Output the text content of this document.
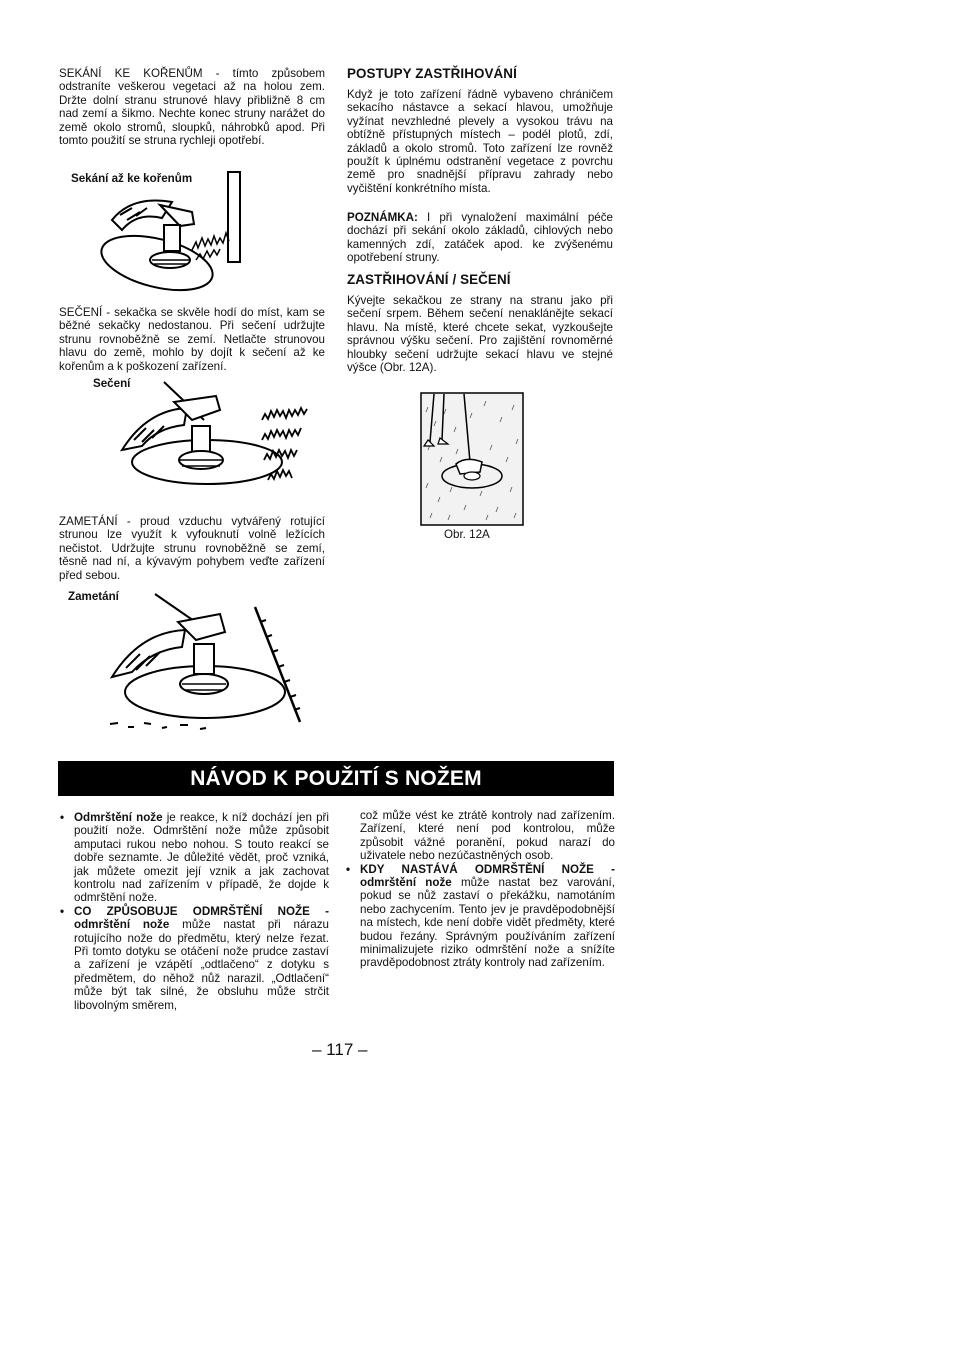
SEKÁNÍ KE KOŘENŮM - tímto způsobem odstraníte veškerou vegetaci až na holou zem. Držte dolní stranu strunové hlavy přibližně 8 cm nad zemí a šikmo. Nechte konec struny narážet do země okolo stromů, sloupků, náhrobků apod. Při tomto použití se struna rychleji opotřebí.
Sekání až ke kořenům
SEČENÍ - sekačka se skvěle hodí do míst, kam se běžné sekačky nedostanou. Při sečení udržujte strunu rovnoběžně se zemí. Netlačte strunovou hlavu do země, mohlo by dojít k sečení až ke kořenům a k poškození zařízení.
Sečení
ZAMETÁNÍ - proud vzduchu vytvářený rotující strunou lze využít k vyfouknutí volně ležících nečistot. Udržujte strunu rovnoběžně se zemí, těsně nad ní, a kývavým pohybem veďte zařízení před sebou.
Zametání
POSTUPY ZASTŘIHOVÁNÍ
Když je toto zařízení řádně vybaveno chráničem sekacího nástavce a sekací hlavou, umožňuje vyžínat nevzhledné plevely a vysokou trávu na obtížně přístupných místech – podél plotů, zdí, základů a okolo stromů. Toto zařízení lze rovněž použít k úplnému odstranění vegetace z povrchu země pro snadnější přípravu zahrady nebo vyčištění konkrétního místa.
POZNÁMKA: I při vynaložení maximální péče dochází při sekání okolo základů, cihlových nebo kamenných zdí, zatáček apod. ke zvýšenému opotřebení struny.
ZASTŘIHOVÁNÍ / SEČENÍ
Kývejte sekačkou ze strany na stranu jako při sečení srpem. Během sečení nenaklánějte sekací hlavu. Na místě, které chcete sekat, vyzkoušejte správnou výšku sečení. Pro zajištění rovnoměrné hloubky sečení udržujte sekací hlavu ve stejné výšce (Obr. 12A).
Obr. 12A
NÁVOD K POUŽITÍ S NOŽEM
• Odmrštění nože je reakce, k níž dochází jen při použití nože. Odmrštění nože může způsobit amputaci rukou nebo nohou. S touto reakcí se dobře seznamte. Je důležité vědět, proč vzniká, jak můžete omezit její vznik a jak zachovat kontrolu nad zařízením v případě, že dojde k odmrštění nože.
• CO ZPŮSOBUJE ODMRŠTĚNÍ NOŽE - odmrštění nože může nastat při nárazu rotujícího nože do předmětu, který nelze řezat. Při tomto dotyku se otáčení nože prudce zastaví a zařízení je vzápětí „odtlačeno“ z dotyku s předmětem, do něhož nůž narazil. „Odtlačení“ může být tak silné, že obsluhu může strčit libovolným směrem,
což může vést ke ztrátě kontroly nad zařízením. Zařízení, které není pod kontrolou, může způsobit vážné poranění, pokud narazí do uživatele nebo nezúčastněných osob.
• KDY NASTÁVÁ ODMRŠTĚNÍ NOŽE - odmrštění nože může nastat bez varování, pokud se nůž zastaví o překážku, namotáním nebo zachycením. Tento jev je pravděpodobnější na místech, kde není dobře vidět předměty, které budou řezány. Správným používáním zařízení minimalizujete riziko odmrštění nože a snížíte pravděpodobnost ztráty kontroly nad zařízením.
– 117 –
